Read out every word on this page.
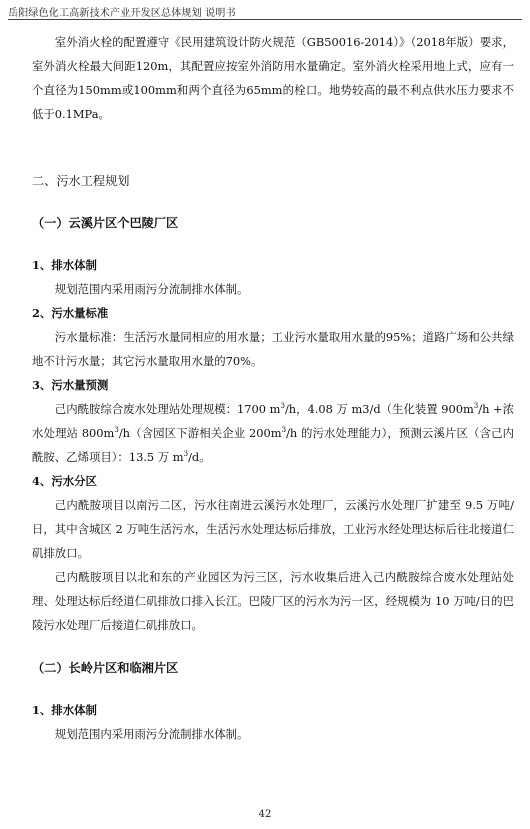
岳阳绿色化工高新技术产业开发区总体规划 说明书

室外消火栓的配置遵守《民用建筑设计防火规范（GB50016-2014）》（2018年版）要求，室外消火栓最大间距120m，其配置应按室外消防用水量确定。室外消火栓采用地上式，应有一个直径为150mm或100mm和两个直径为65mm的栓口。地势较高的最不利点供水压力要求不低于0.1MPa。

二、污水工程规划

（一）云溪片区个巴陵厂区

1、排水体制

规划范围内采用雨污分流制排水体制。

2、污水量标准

污水量标准：生活污水量同相应的用水量；工业污水量取用水量的95%；道路广场和公共绿地不计污水量；其它污水量取用水量的70%。

3、污水量预测

己内酰胺综合废水处理站处理规模：1700 $m^3/h$，4.08 万 m3/d（生化装置 $900m^3/h$ +浓水处理站 $800m^3/h$（含园区下游相关企业 $200m^3/h$ 的污水处理能力），预测云溪片区（含己内酰胺、乙烯项目）：13.5 万 $m^3/d$。

4、污水分区

己内酰胺项目以南污二区，污水往南进云溪污水处理厂，云溪污水处理厂扩建至 9.5 万吨/日，其中含城区 2 万吨生活污水，生活污水处理达标后排放，工业污水经处理达标后往北接道仁矶排放口。

己内酰胺项目以北和东的产业园区为污三区，污水收集后进入己内酰胺综合废水处理站处理、处理达标后经道仁矶排放口排入长江。巴陵厂区的污水为污一区，经规模为 10 万吨/日的巴陵污水处理厂后接道仁矶排放口。

（二）长岭片区和临湘片区

1、排水体制

规划范围内采用雨污分流制排水体制。

42
